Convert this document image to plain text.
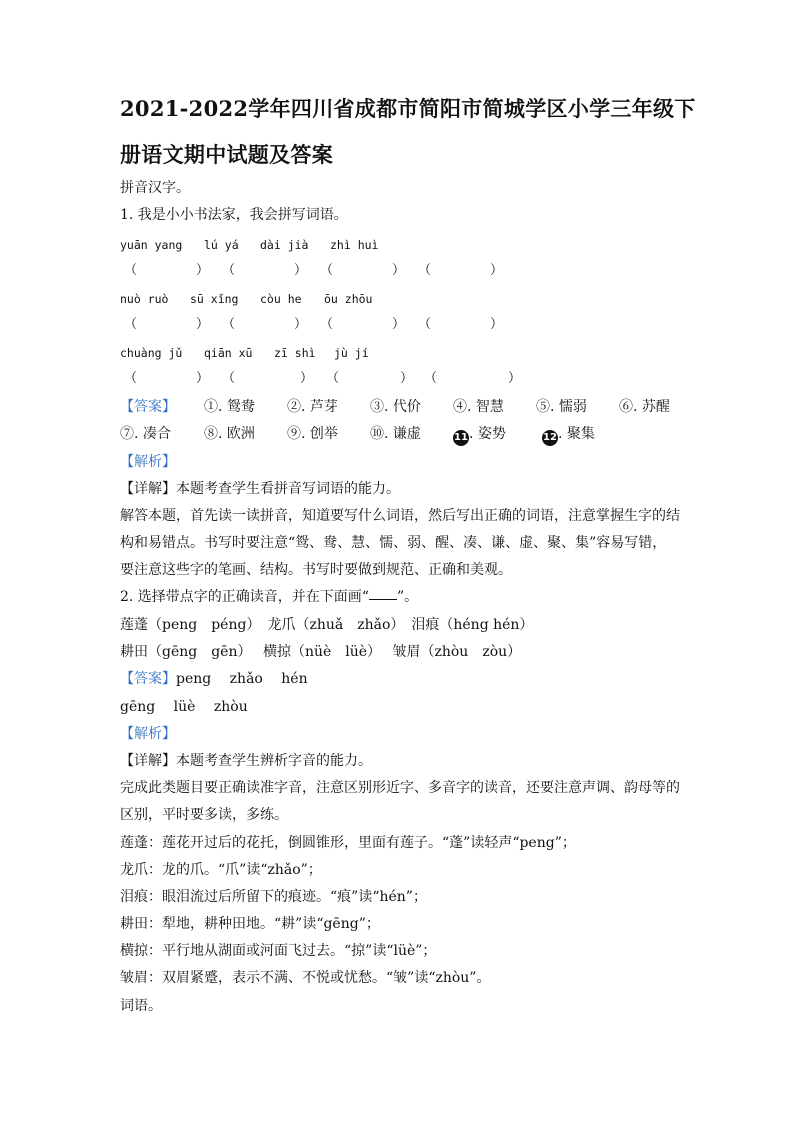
2021-2022学年四川省成都市简阳市简城学区小学三年级下
册语文期中试题及答案
拼音汉字。
1. 我是小小书法家，我会拼写词语。
yuān yang lú yá dài jià zhì huì
（	） （	） （	） （	）
nuò ruò sū xǐng còu he ōu zhōu
（	） （	） （	） （	）
chuàng jǔ qiān xū zī shì jù jí
（	） （	） （	） （	）
【答案】 ①. 鸳鸯 ②. 芦芽 ③. 代价 ④. 智慧 ⑤. 懦弱 ⑥. 苏醒
⑦. 凑合 ⑧. 欧洲 ⑨. 创举 ⑩. 谦虚	11. 姿势	12. 聚集
【解析】
【详解】本题考查学生看拼音写词语的能力。
解答本题，首先读一读拼音，知道要写什么词语，然后写出正确的词语，注意掌握生字的结
构和易错点。书写时要注意“鸳、鸯、慧、懦、弱、醒、凑、谦、虚、聚、集”容易写错，
要注意这些字的笔画、结构。书写时要做到规范、正确和美观。
2. 选择带点字的正确读音，并在下面画“ ”。
莲蓬（peng　péng）　龙爪（zhuǎ　zhǎo）　泪痕（héng hén）
耕田（gēng　gēn）　 横掠（nüè　lüè）　 皱眉（zhòu　zòu）
【答案】peng　 zhǎo　 hén
gēng　 lüè　 zhòu
【解析】
【详解】本题考查学生辨析字音的能力。
完成此类题目要正确读准字音，注意区别形近字、多音字的读音，还要注意声调、韵母等的
区别，平时要多读，多练。
莲蓬：莲花开过后的花托，倒圆锥形，里面有莲子。“蓬”读轻声“peng”；
龙爪：龙的爪。“爪”读“zhǎo”；
泪痕：眼泪流过后所留下的痕迹。“痕”读“hén”；
耕田：犁地，耕种田地。“耕”读“gēng”；
横掠：平行地从湖面或河面飞过去。“掠”读“lüè”；
皱眉：双眉紧蹙，表示不满、不悦或忧愁。“皱”读“zhòu”。
词语。
